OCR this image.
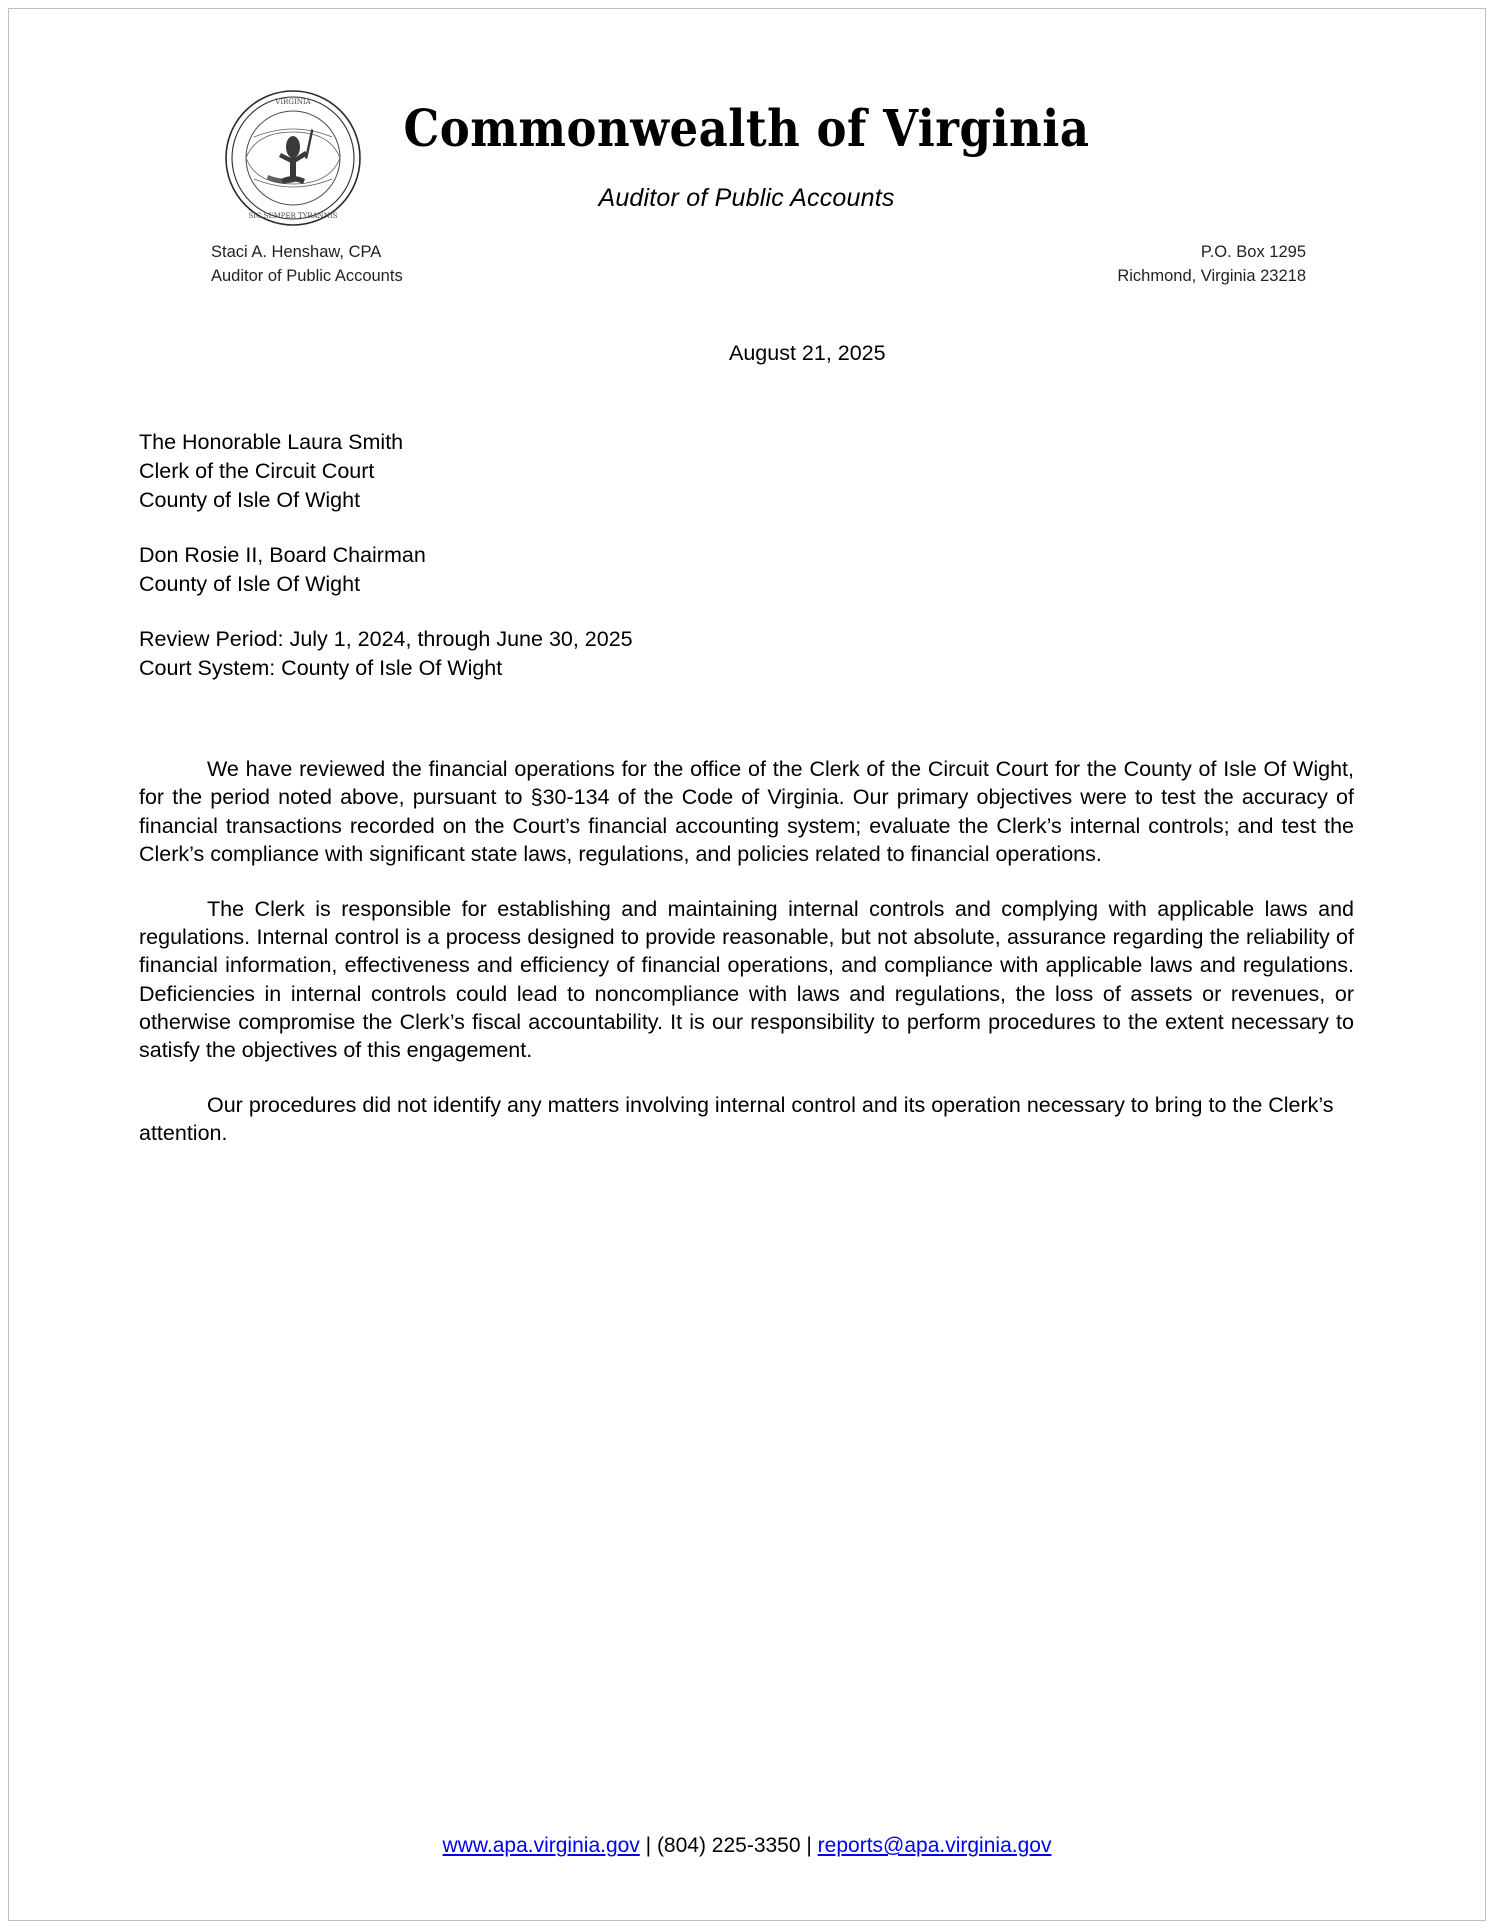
VIRGINIA
SIC SEMPER TYRANNIS
Commonwealth of Virginia
Auditor of Public Accounts
Staci A. Henshaw, CPA
Auditor of Public Accounts
P.O. Box 1295
Richmond, Virginia 23218
August 21, 2025
The Honorable Laura Smith
Clerk of the Circuit Court
County of Isle Of Wight
Don Rosie II, Board Chairman
County of Isle Of Wight
Review Period: July 1, 2024, through June 30, 2025
Court System: County of Isle Of Wight

We have reviewed the financial operations for the office of the Clerk of the Circuit Court for the County of Isle Of Wight, for the period noted above, pursuant to §30-134 of the Code of Virginia. Our primary objectives were to test the accuracy of financial transactions recorded on the Court’s financial accounting system; evaluate the Clerk’s internal controls; and test the Clerk’s compliance with significant state laws, regulations, and policies related to financial operations.

The Clerk is responsible for establishing and maintaining internal controls and complying with applicable laws and regulations. Internal control is a process designed to provide reasonable, but not absolute, assurance regarding the reliability of financial information, effectiveness and efficiency of financial operations, and compliance with applicable laws and regulations. Deficiencies in internal controls could lead to noncompliance with laws and regulations, the loss of assets or revenues, or otherwise compromise the Clerk’s fiscal accountability. It is our responsibility to perform procedures to the extent necessary to satisfy the objectives of this engagement.

Our procedures did not identify any matters involving internal control and its operation necessary to bring to the Clerk’s attention.

www.apa.virginia.gov | (804) 225-3350 | reports@apa.virginia.gov
